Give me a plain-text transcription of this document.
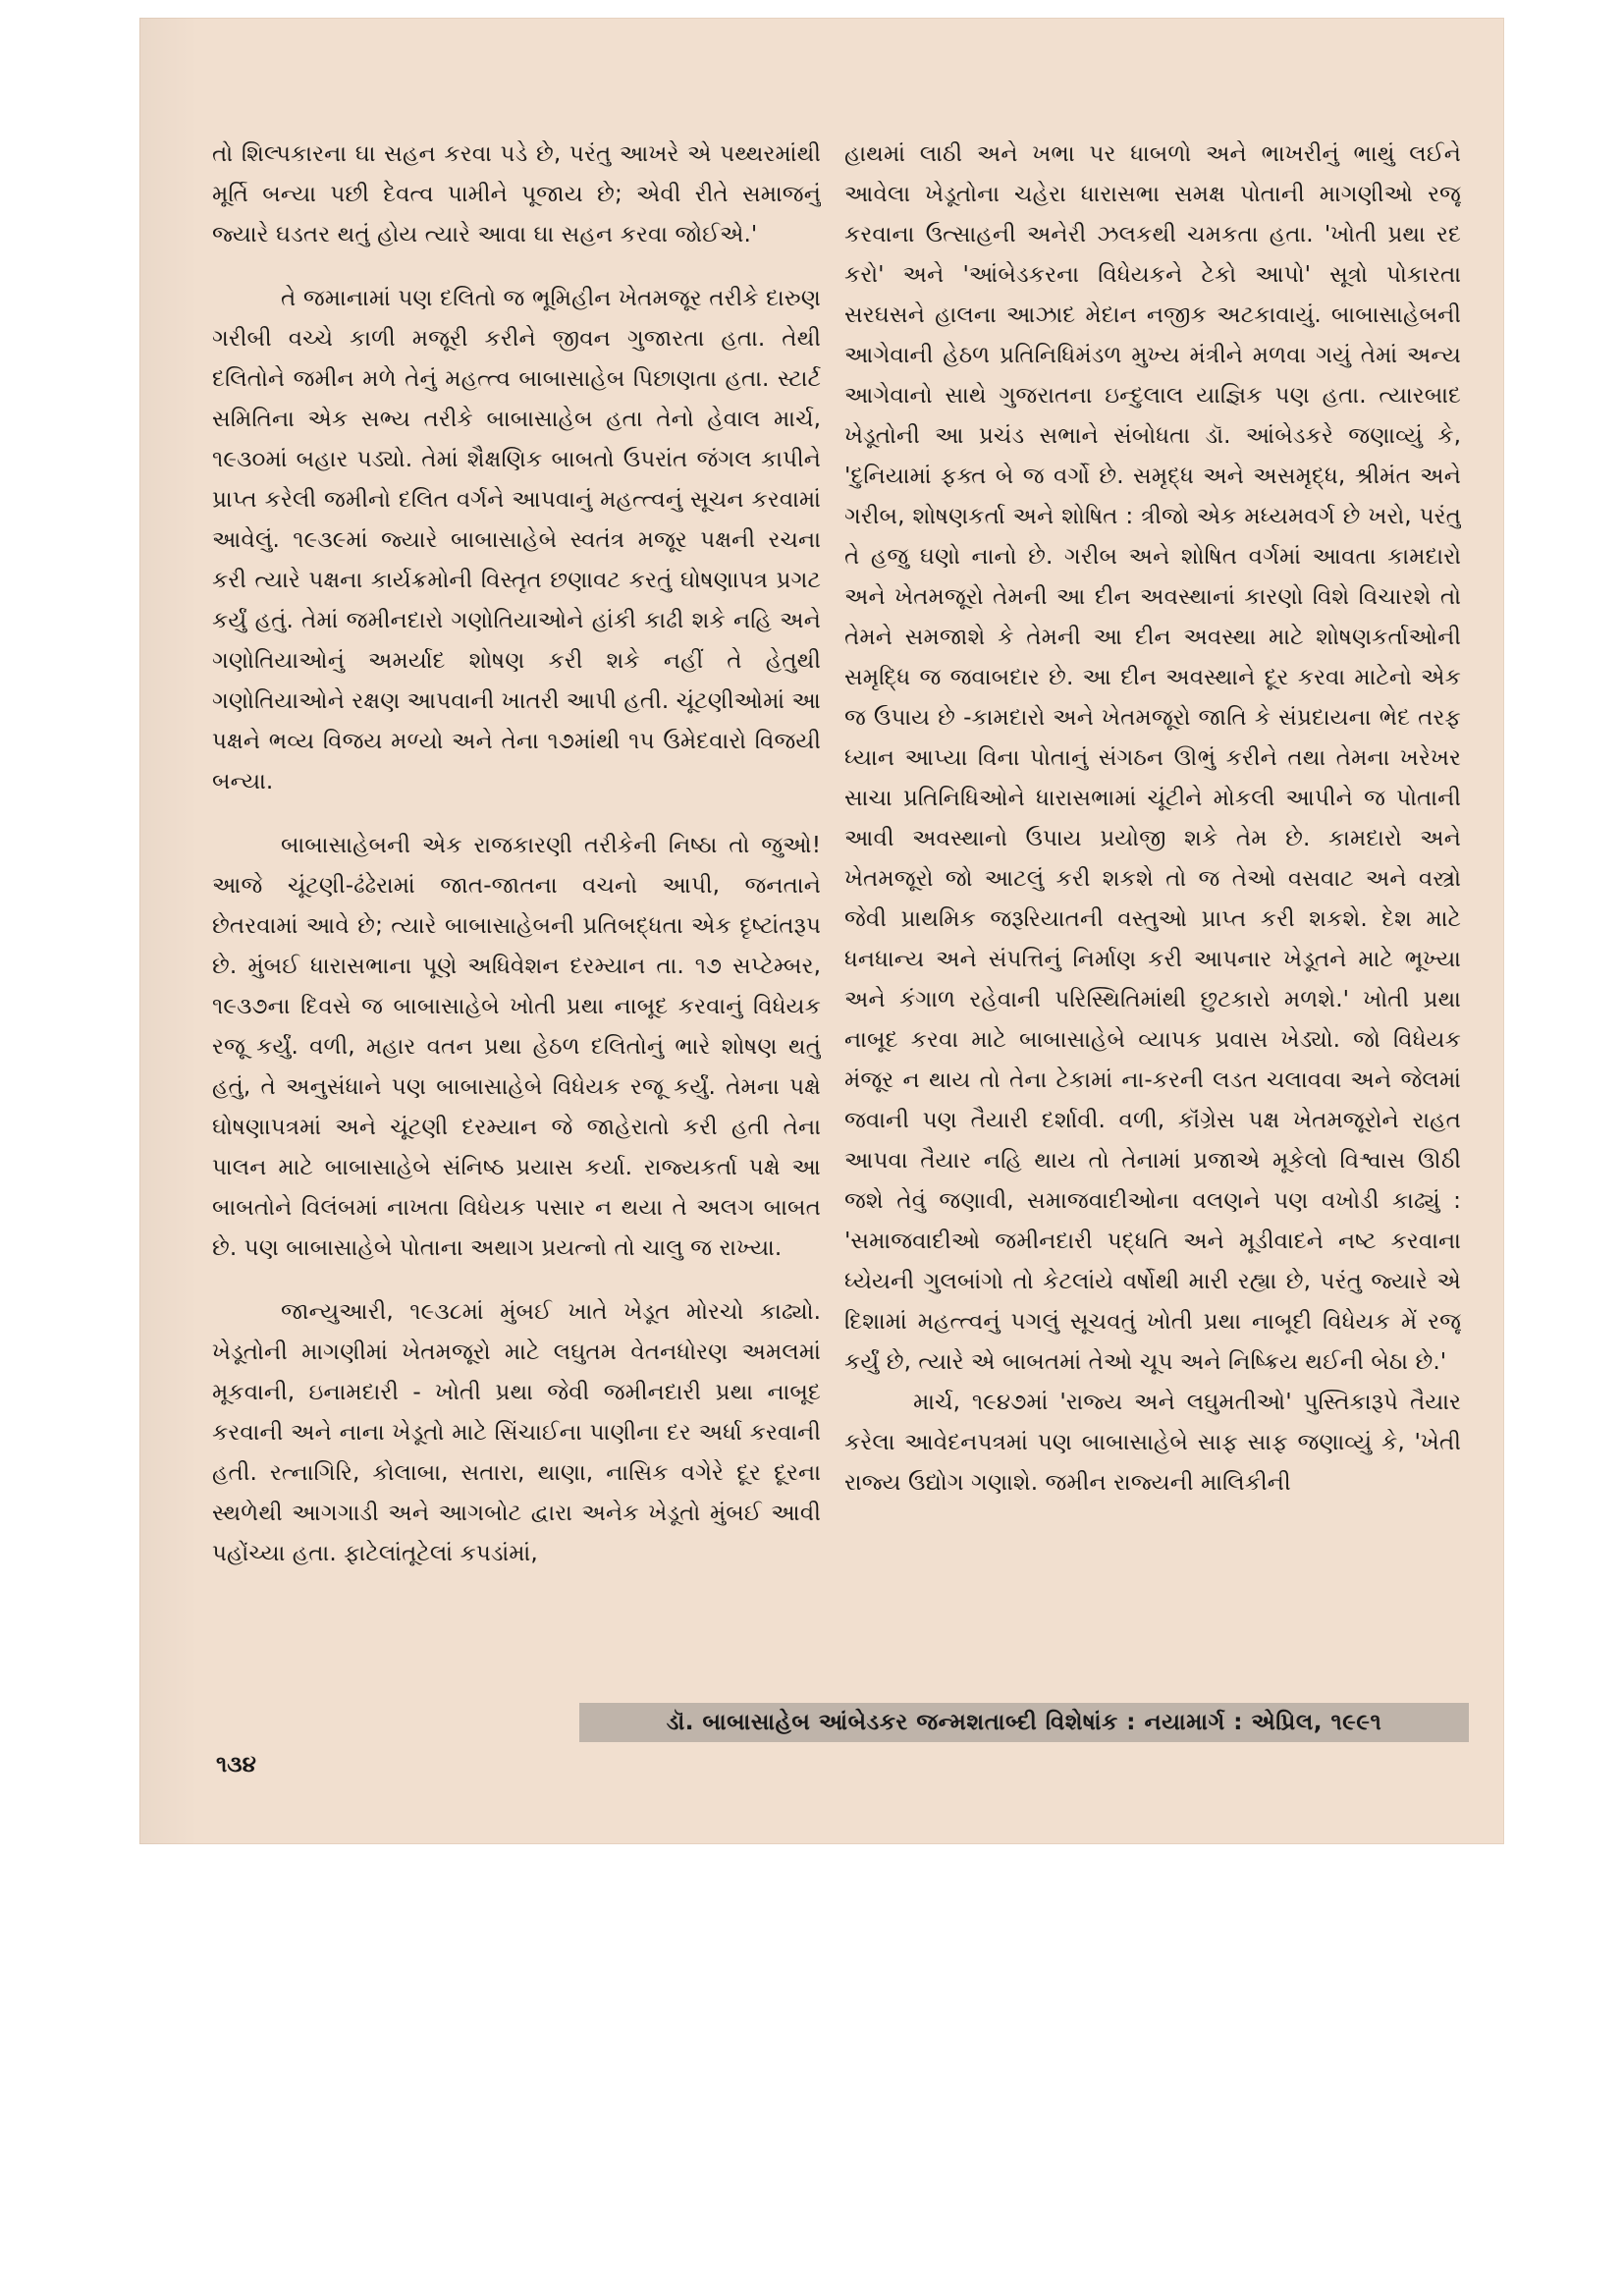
તો શિલ્પકારના ઘા સહન કરવા પડે છે, પરંતુ આખરે એ પથ્થરમાંથી મૂર્તિ બન્યા પછી દેવત્વ પામીને પૂજાય છે; એવી રીતે સમાજનું જ્યારે ઘડતર થતું હોય ત્યારે આવા ઘા સહન કરવા જોઈએ.'

તે જમાનામાં પણ દલિતો જ ભૂમિહીન ખેતમજૂર તરીકે દારુણ ગરીબી વચ્ચે કાળી મજૂરી કરીને જીવન ગુજારતા હતા. તેથી દલિતોને જમીન મળે તેનું મહત્ત્વ બાબાસાહેબ પિછાણતા હતા. સ્ટાર્ટ સમિતિના એક સભ્ય તરીકે બાબાસાહેબ હતા તેનો હેવાલ માર્ચ, ૧૯૩૦માં બહાર પડ્યો. તેમાં શૈક્ષણિક બાબતો ઉપરાંત જંગલ કાપીને પ્રાપ્ત કરેલી જમીનો દલિત વર્ગને આપવાનું મહત્ત્વનું સૂચન કરવામાં આવેલું. ૧૯૩૯માં જ્યારે બાબાસાહેબે સ્વતંત્ર મજૂર પક્ષની રચના કરી ત્યારે પક્ષના કાર્યક્રમોની વિસ્તૃત છણાવટ કરતું ઘોષણાપત્ર પ્રગટ કર્યું હતું. તેમાં જમીનદારો ગણોતિયાઓને હાંકી કાઢી શકે નહિ અને ગણોતિયાઓનું અમર્યાદ શોષણ કરી શકે નહીં તે હેતુથી ગણોતિયાઓને રક્ષણ આપવાની ખાતરી આપી હતી. ચૂંટણીઓમાં આ પક્ષને ભવ્ય વિજય મળ્યો અને તેના ૧૭માંથી ૧૫ ઉમેદવારો વિજયી બન્યા.

બાબાસાહેબની એક રાજકારણી તરીકેની નિષ્ઠા તો જુઓ! આજે ચૂંટણી-ઢંઢેરામાં જાત-જાતના વચનો આપી, જનતાને છેતરવામાં આવે છે; ત્યારે બાબાસાહેબની પ્રતિબદ્ધતા એક દૃષ્ટાંતરૂપ છે. મુંબઈ ધારાસભાના પૂણે અધિવેશન દરમ્યાન તા. ૧૭ સપ્ટેમ્બર, ૧૯૩૭ના દિવસે જ બાબાસાહેબે ખોતી પ્રથા નાબૂદ કરવાનું વિધેયક રજૂ કર્યું. વળી, મહાર વતન પ્રથા હેઠળ દલિતોનું ભારે શોષણ થતું હતું, તે અનુસંધાને પણ બાબાસાહેબે વિધેયક રજૂ કર્યું. તેમના પક્ષે ઘોષણાપત્રમાં અને ચૂંટણી દરમ્યાન જે જાહેરાતો કરી હતી તેના પાલન માટે બાબાસાહેબે સંનિષ્ઠ પ્રયાસ કર્યા. રાજ્યકર્તા પક્ષે આ બાબતોને વિલંબમાં નાખતા વિધેયક પસાર ન થયા તે અલગ બાબત છે. પણ બાબાસાહેબે પોતાના અથાગ પ્રયત્નો તો ચાલુ જ રાખ્યા.

જાન્યુઆરી, ૧૯૩૮માં મુંબઈ ખાતે ખેડૂત મોરચો કાઢ્યો. ખેડૂતોની માગણીમાં ખેતમજૂરો માટે લઘુતમ વેતનધોરણ અમલમાં મૂકવાની, ઇનામદારી - ખોતી પ્રથા જેવી જમીનદારી પ્રથા નાબૂદ કરવાની અને નાના ખેડૂતો માટે સિંચાઈના પાણીના દર અર્ધા કરવાની હતી. રત્નાગિરિ, કોલાબા, સતારા, થાણા, નાસિક વગેરે દૂર દૂરના સ્થળેથી આગગાડી અને આગબોટ દ્વારા અનેક ખેડૂતો મુંબઈ આવી પહોંચ્યા હતા. ફાટેલાંતૂટેલાં કપડાંમાં,

હાથમાં લાઠી અને ખભા પર ધાબળો અને ભાખરીનું ભાથું લઈને આવેલા ખેડૂતોના ચહેરા ધારાસભા સમક્ષ પોતાની માગણીઓ રજૂ કરવાના ઉત્સાહની અનેરી ઝલકથી ચમકતા હતા. 'ખોતી પ્રથા રદ કરો' અને 'આંબેડકરના વિધેયકને ટેકો આપો' સૂત્રો પોકારતા સરઘસને હાલના આઝાદ મેદાન નજીક અટકાવાયું. બાબાસાહેબની આગેવાની હેઠળ પ્રતિનિધિમંડળ મુખ્ય મંત્રીને મળવા ગયું તેમાં અન્ય આગેવાનો સાથે ગુજરાતના ઇન્દુલાલ યાજ્ઞિક પણ હતા. ત્યારબાદ ખેડૂતોની આ પ્રચંડ સભાને સંબોધતા ડૉ. આંબેડકરે જણાવ્યું કે, 'દુનિયામાં ફક્ત બે જ વર્ગો છે. સમૃદ્ધ અને અસમૃદ્ધ, શ્રીમંત અને ગરીબ, શોષણકર્તા અને શોષિત : ત્રીજો એક મધ્યમવર્ગ છે ખરો, પરંતુ તે હજુ ઘણો નાનો છે. ગરીબ અને શોષિત વર્ગમાં આવતા કામદારો અને ખેતમજૂરો તેમની આ દીન અવસ્થાનાં કારણો વિશે વિચારશે તો તેમને સમજાશે કે તેમની આ દીન અવસ્થા માટે શોષણકર્તાઓની સમૃદ્ધિ જ જવાબદાર છે. આ દીન અવસ્થાને દૂર કરવા માટેનો એક જ ઉપાય છે -કામદારો અને ખેતમજૂરો જાતિ કે સંપ્રદાયના ભેદ તરફ ધ્યાન આપ્યા વિના પોતાનું સંગઠન ઊભું કરીને તથા તેમના ખરેખર સાચા પ્રતિનિધિઓને ધારાસભામાં ચૂંટીને મોકલી આપીને જ પોતાની આવી અવસ્થાનો ઉપાય પ્રયોજી શકે તેમ છે. કામદારો અને ખેતમજૂરો જો આટલું કરી શકશે તો જ તેઓ વસવાટ અને વસ્ત્રો જેવી પ્રાથમિક જરૂરિયાતની વસ્તુઓ પ્રાપ્ત કરી શકશે. દેશ માટે ધનધાન્ય અને સંપત્તિનું નિર્માણ કરી આપનાર ખેડૂતને માટે ભૂખ્યા અને કંગાળ રહેવાની પરિસ્થિતિમાંથી છુટકારો મળશે.' ખોતી પ્રથા નાબૂદ કરવા માટે બાબાસાહેબે વ્યાપક પ્રવાસ ખેડ્યો. જો વિધેયક મંજૂર ન થાય તો તેના ટેકામાં ના-કરની લડત ચલાવવા અને જેલમાં જવાની પણ તૈયારી દર્શાવી. વળી, કૉંગ્રેસ પક્ષ ખેતમજૂરોને રાહત આપવા તૈયાર નહિ થાય તો તેનામાં પ્રજાએ મૂકેલો વિશ્વાસ ઊઠી જશે તેવું જણાવી, સમાજવાદીઓના વલણને પણ વખોડી કાઢ્યું : 'સમાજવાદીઓ જમીનદારી પદ્ધતિ અને મૂડીવાદને નષ્ટ કરવાના ધ્યેયની ગુલબાંગો તો કેટલાંયે વર્ષોથી મારી રહ્યા છે, પરંતુ જ્યારે એ દિશામાં મહત્ત્વનું પગલું સૂચવતું ખોતી પ્રથા નાબૂદી વિધેયક મેં રજૂ કર્યું છે, ત્યારે એ બાબતમાં તેઓ ચૂપ અને નિષ્ક્રિય થઈની બેઠા છે.'

માર્ચ, ૧૯૪૭માં 'રાજ્ય અને લઘુમતીઓ' પુસ્તિકારૂપે તૈયાર કરેલા આવેદનપત્રમાં પણ બાબાસાહેબે સાફ સાફ જણાવ્યું કે, 'ખેતી રાજ્ય ઉદ્યોગ ગણાશે. જમીન રાજ્યની માલિકીની

ડૉ. બાબાસાહેબ આંબેડકર જન્મશતાબ્દી વિશેષાંક : નયામાર્ગ : એપ્રિલ, ૧૯૯૧
૧૩૪
